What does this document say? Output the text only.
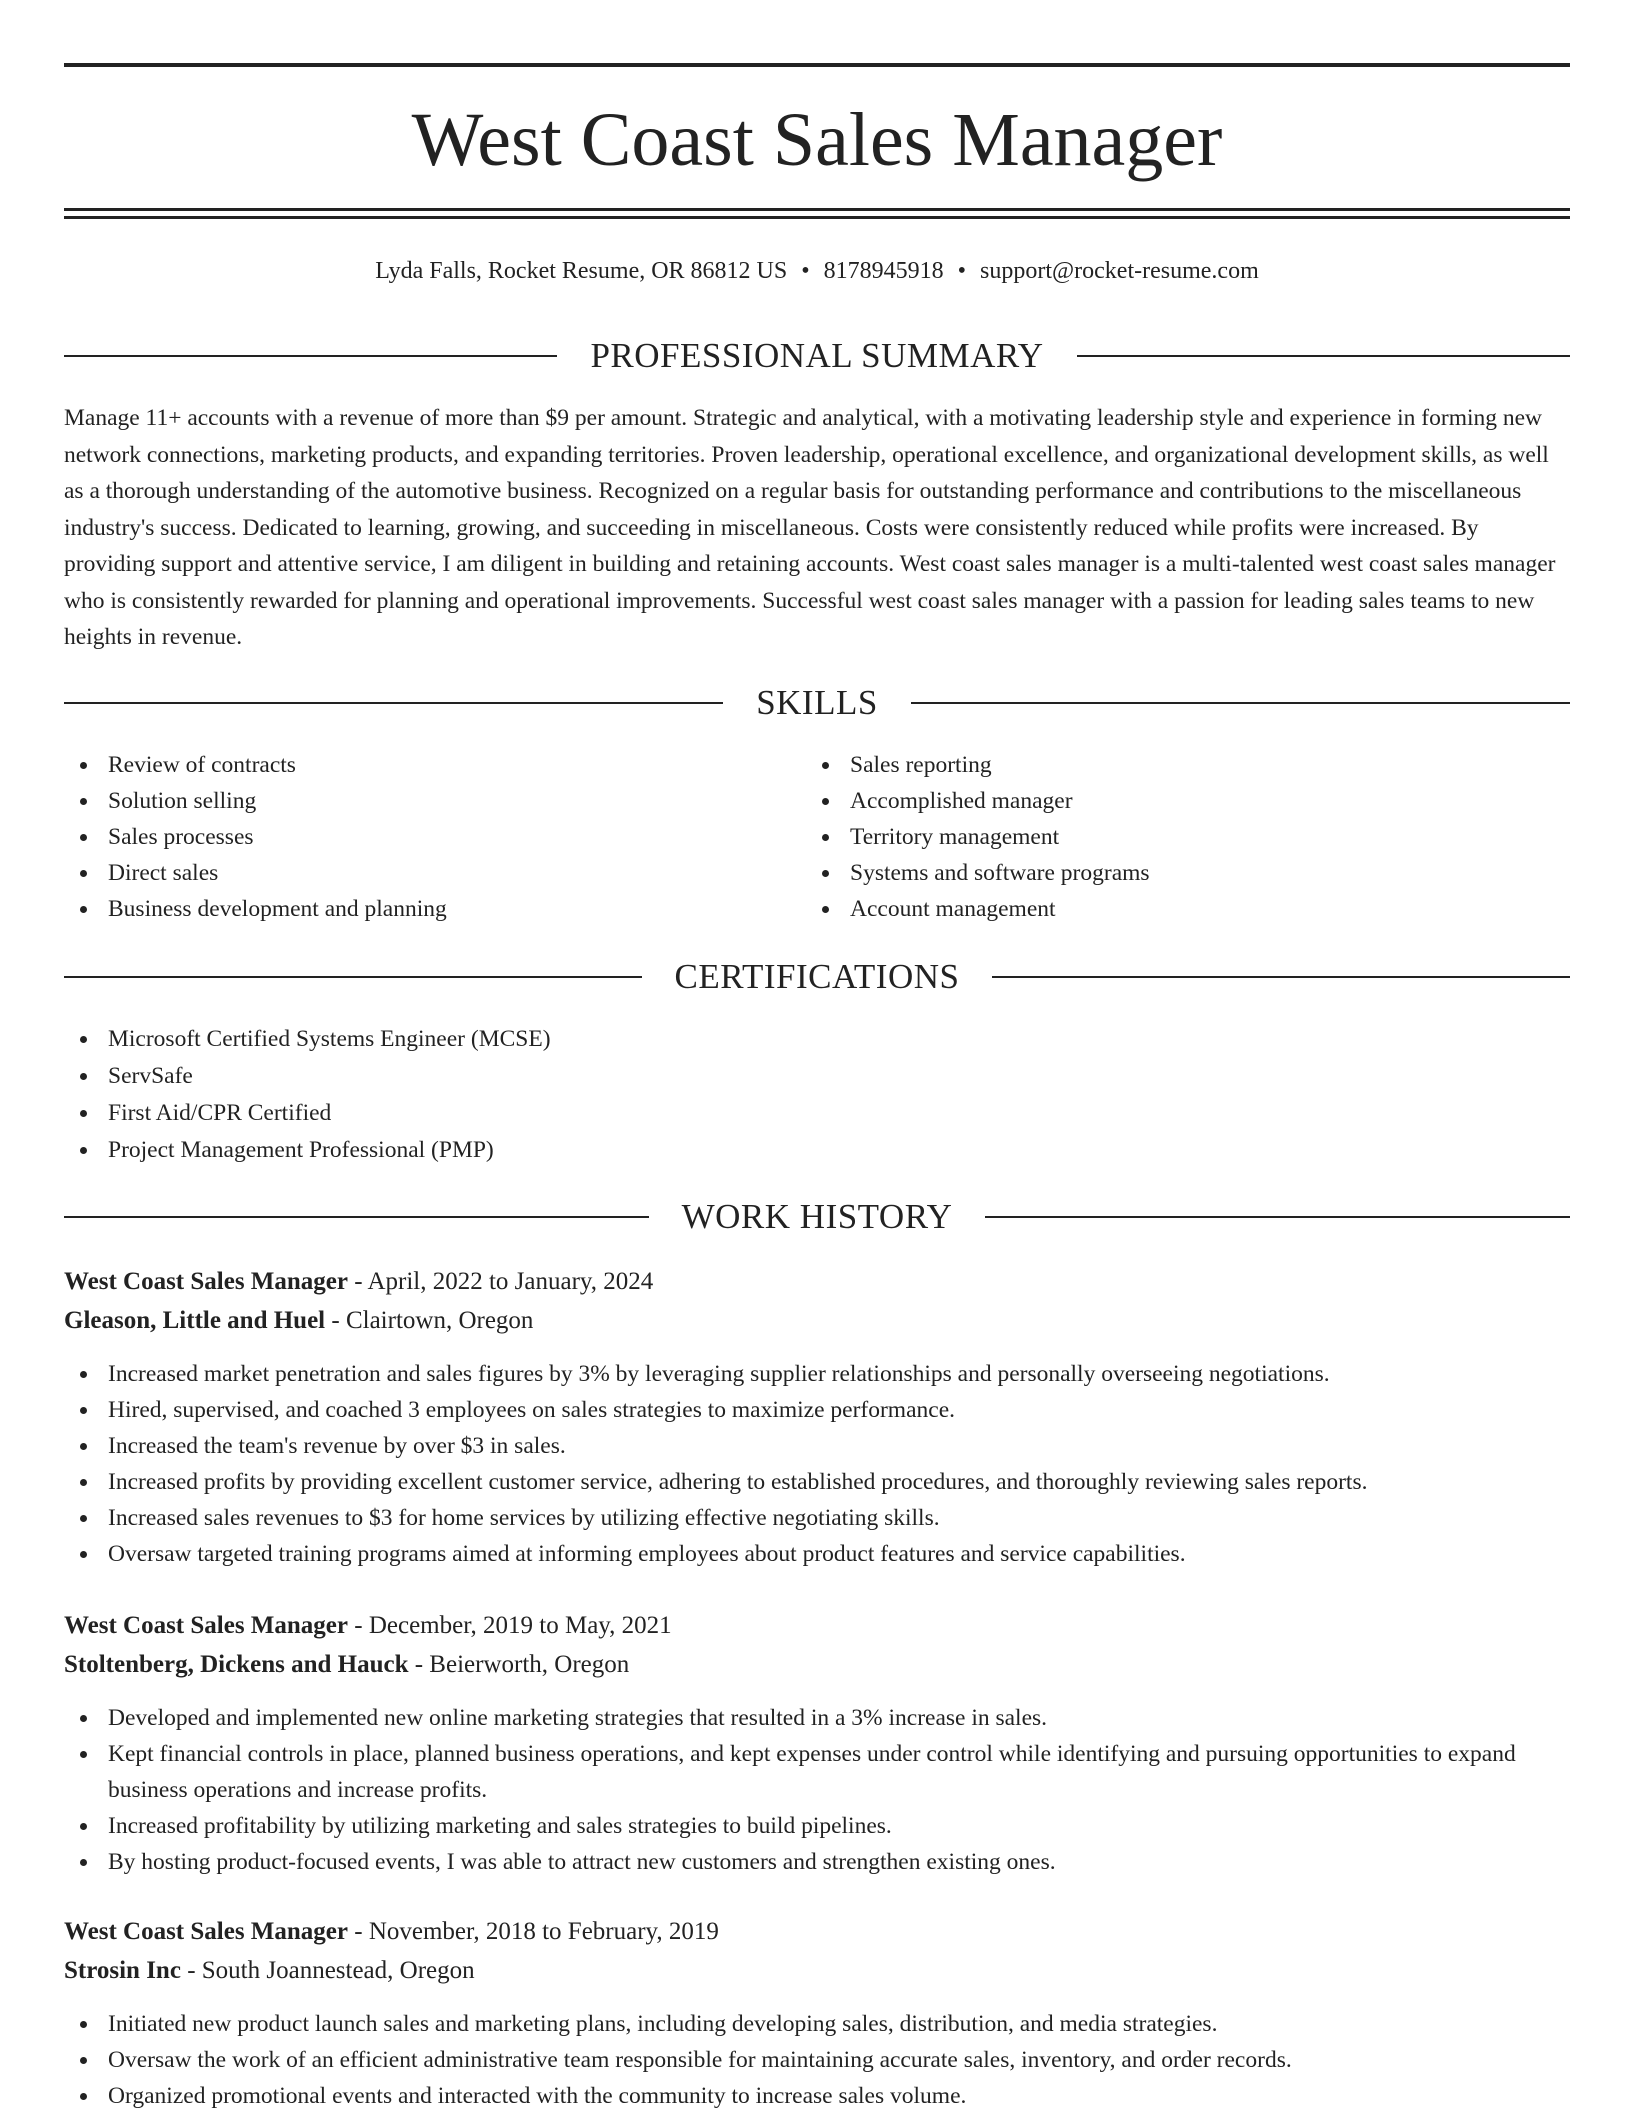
West Coast Sales Manager
Lyda Falls, Rocket Resume, OR 86812 US • 8178945918 • support@rocket-resume.com
PROFESSIONAL SUMMARY
Manage 11+ accounts with a revenue of more than $9 per amount. Strategic and analytical, with a motivating leadership style and experience in forming new network connections, marketing products, and expanding territories. Proven leadership, operational excellence, and organizational development skills, as well as a thorough understanding of the automotive business. Recognized on a regular basis for outstanding performance and contributions to the miscellaneous industry's success. Dedicated to learning, growing, and succeeding in miscellaneous. Costs were consistently reduced while profits were increased. By providing support and attentive service, I am diligent in building and retaining accounts. West coast sales manager is a multi-talented west coast sales manager who is consistently rewarded for planning and operational improvements. Successful west coast sales manager with a passion for leading sales teams to new heights in revenue.
SKILLS
Review of contracts
Solution selling
Sales processes
Direct sales
Business development and planning
Sales reporting
Accomplished manager
Territory management
Systems and software programs
Account management
CERTIFICATIONS
Microsoft Certified Systems Engineer (MCSE)
ServSafe
First Aid/CPR Certified
Project Management Professional (PMP)
WORK HISTORY
West Coast Sales Manager - April, 2022 to January, 2024
Gleason, Little and Huel - Clairtown, Oregon
Increased market penetration and sales figures by 3% by leveraging supplier relationships and personally overseeing negotiations.
Hired, supervised, and coached 3 employees on sales strategies to maximize performance.
Increased the team's revenue by over $3 in sales.
Increased profits by providing excellent customer service, adhering to established procedures, and thoroughly reviewing sales reports.
Increased sales revenues to $3 for home services by utilizing effective negotiating skills.
Oversaw targeted training programs aimed at informing employees about product features and service capabilities.
West Coast Sales Manager - December, 2019 to May, 2021
Stoltenberg, Dickens and Hauck - Beierworth, Oregon
Developed and implemented new online marketing strategies that resulted in a 3% increase in sales.
Kept financial controls in place, planned business operations, and kept expenses under control while identifying and pursuing opportunities to expand business operations and increase profits.
Increased profitability by utilizing marketing and sales strategies to build pipelines.
By hosting product-focused events, I was able to attract new customers and strengthen existing ones.
West Coast Sales Manager - November, 2018 to February, 2019
Strosin Inc - South Joannestead, Oregon
Initiated new product launch sales and marketing plans, including developing sales, distribution, and media strategies.
Oversaw the work of an efficient administrative team responsible for maintaining accurate sales, inventory, and order records.
Organized promotional events and interacted with the community to increase sales volume.
